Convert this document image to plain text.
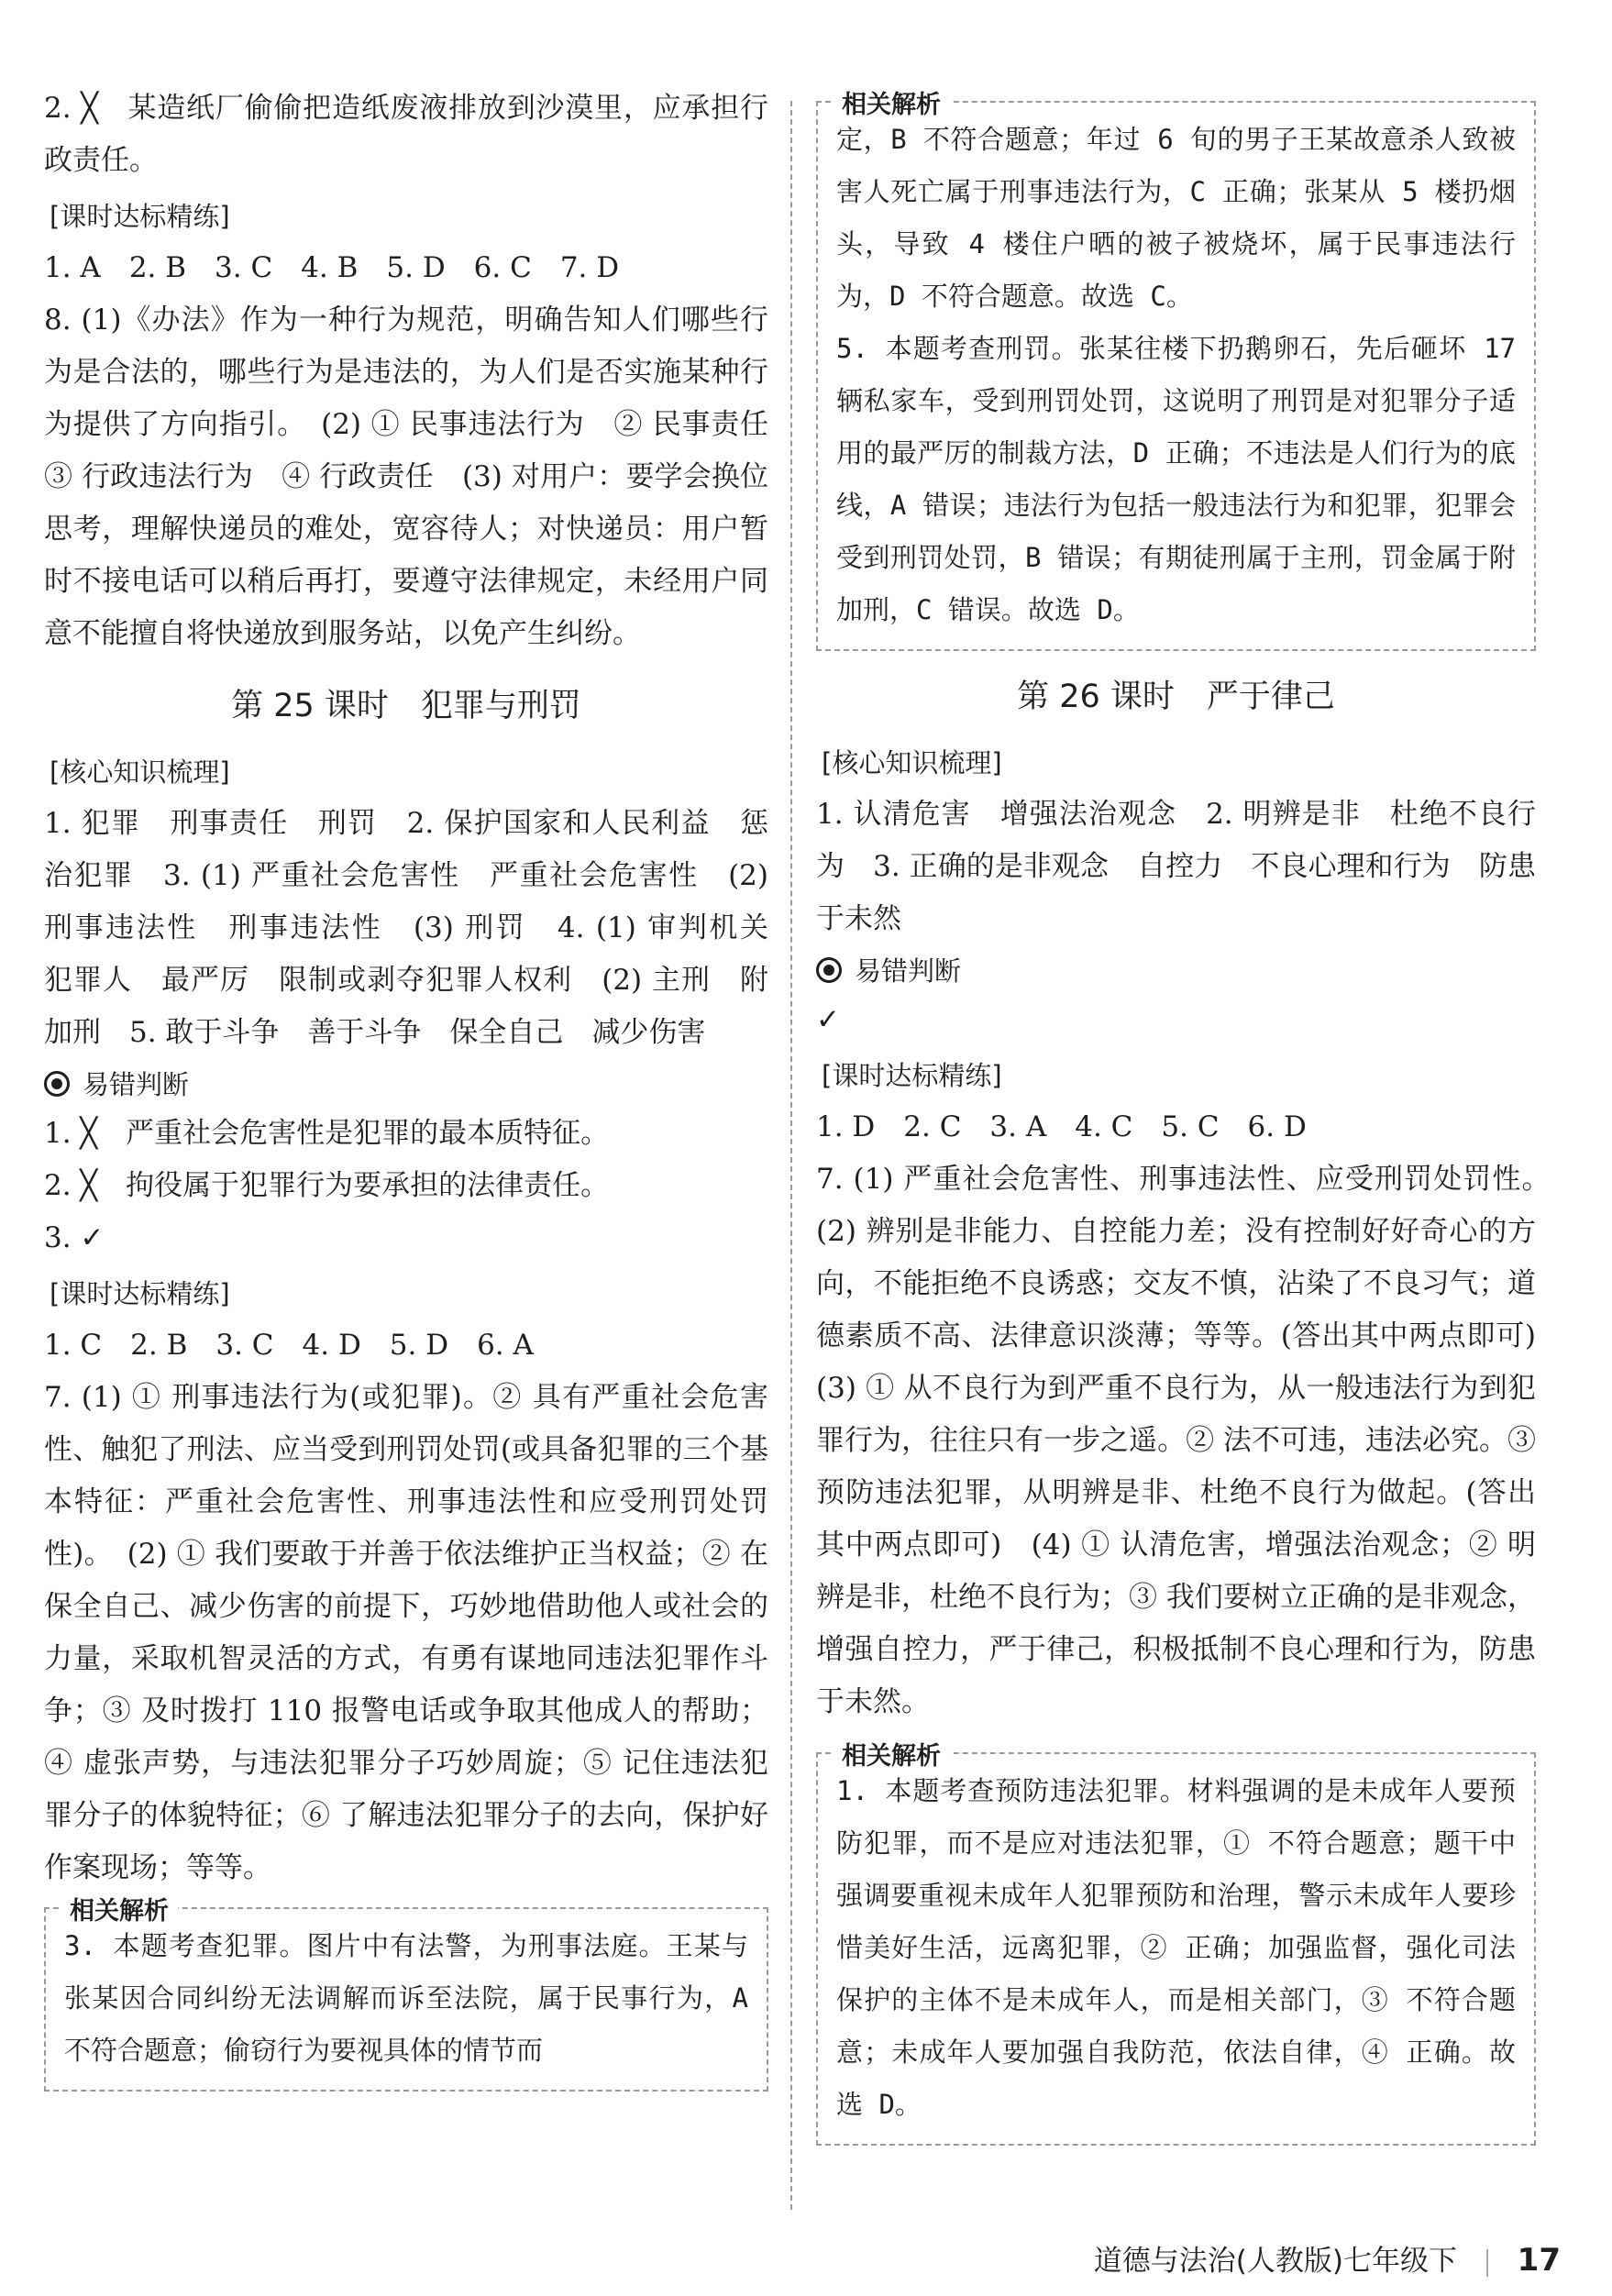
2. ╳　某造纸厂偷偷把造纸废液排放到沙漠里，应承担行政责任。

[ 课时达标精练 ]

1. A　2. B　3. C　4. B　5. D　6. C　7. D

8. (1)《办法》作为一种行为规范，明确告知人们哪些行为是合法的，哪些行为是违法的，为人们是否实施某种行为提供了方向指引。　(2) ① 民事违法行为　② 民事责任　③ 行政违法行为　④ 行政责任　(3) 对用户：要学会换位思考，理解快递员的难处，宽容待人；对快递员：用户暂时不接电话可以稍后再打，要遵守法律规定，未经用户同意不能擅自将快递放到服务站，以免产生纠纷。

第 25 课时　犯罪与刑罚
[ 核心知识梳理 ]

1. 犯罪　刑事责任　刑罚　2. 保护国家和人民利益　惩治犯罪　3. (1) 严重社会危害性　严重社会危害性　(2) 刑事违法性　刑事违法性　(3) 刑罚　4. (1) 审判机关　犯罪人　最严厉　限制或剥夺犯罪人权利　(2) 主刑　附加刑　5. 敢于斗争　善于斗争　保全自己　减少伤害

易错判断

1. ╳　严重社会危害性是犯罪的最本质特征。

2. ╳　拘役属于犯罪行为要承担的法律责任。

3. ✓

[ 课时达标精练 ]

1. C　2. B　3. C　4. D　5. D　6. A

7. (1) ① 刑事违法行为(或犯罪)。② 具有严重社会危害性、触犯了刑法、应当受到刑罚处罚(或具备犯罪的三个基本特征：严重社会危害性、刑事违法性和应受刑罚处罚性)。　(2) ① 我们要敢于并善于依法维护正当权益；② 在保全自己、减少伤害的前提下，巧妙地借助他人或社会的力量，采取机智灵活的方式，有勇有谋地同违法犯罪作斗争；③ 及时拨打 110 报警电话或争取其他成人的帮助；④ 虚张声势，与违法犯罪分子巧妙周旋；⑤ 记住违法犯罪分子的体貌特征；⑥ 了解违法犯罪分子的去向，保护好作案现场；等等。

相关解析

3. 本题考查犯罪。图片中有法警，为刑事法庭。王某与张某因合同纠纷无法调解而诉至法院，属于民事行为，A 不符合题意；偷窃行为要视具体的情节而

相关解析

定，B 不符合题意；年过 6 旬的男子王某故意杀人致被害人死亡属于刑事违法行为，C 正确；张某从 5 楼扔烟头，导致 4 楼住户晒的被子被烧坏，属于民事违法行为，D 不符合题意。故选 C。

5. 本题考查刑罚。张某往楼下扔鹅卵石，先后砸坏 17 辆私家车，受到刑罚处罚，这说明了刑罚是对犯罪分子适用的最严厉的制裁方法，D 正确；不违法是人们行为的底线，A 错误；违法行为包括一般违法行为和犯罪，犯罪会受到刑罚处罚，B 错误；有期徒刑属于主刑，罚金属于附加刑，C 错误。故选 D。

第 26 课时　严于律己
[ 核心知识梳理 ]

1. 认清危害　增强法治观念　2. 明辨是非　杜绝不良行为　3. 正确的是非观念　自控力　不良心理和行为　防患于未然

易错判断

✓

[ 课时达标精练 ]

1. D　2. C　3. A　4. C　5. C　6. D

7. (1) 严重社会危害性、刑事违法性、应受刑罚处罚性。　(2) 辨别是非能力、自控能力差；没有控制好好奇心的方向，不能拒绝不良诱惑；交友不慎，沾染了不良习气；道德素质不高、法律意识淡薄；等等。(答出其中两点即可)　(3) ① 从不良行为到严重不良行为，从一般违法行为到犯罪行为，往往只有一步之遥。② 法不可违，违法必究。③ 预防违法犯罪，从明辨是非、杜绝不良行为做起。(答出其中两点即可)　(4) ① 认清危害，增强法治观念；② 明辨是非，杜绝不良行为；③ 我们要树立正确的是非观念，增强自控力，严于律己，积极抵制不良心理和行为，防患于未然。

相关解析

1. 本题考查预防违法犯罪。材料强调的是未成年人要预防犯罪，而不是应对违法犯罪，① 不符合题意；题干中强调要重视未成年人犯罪预防和治理，警示未成年人要珍惜美好生活，远离犯罪，② 正确；加强监督，强化司法保护的主体不是未成年人，而是相关部门，③ 不符合题意；未成年人要加强自我防范，依法自律，④ 正确。故选 D。

道德与法治(人教版)七年级下 17
